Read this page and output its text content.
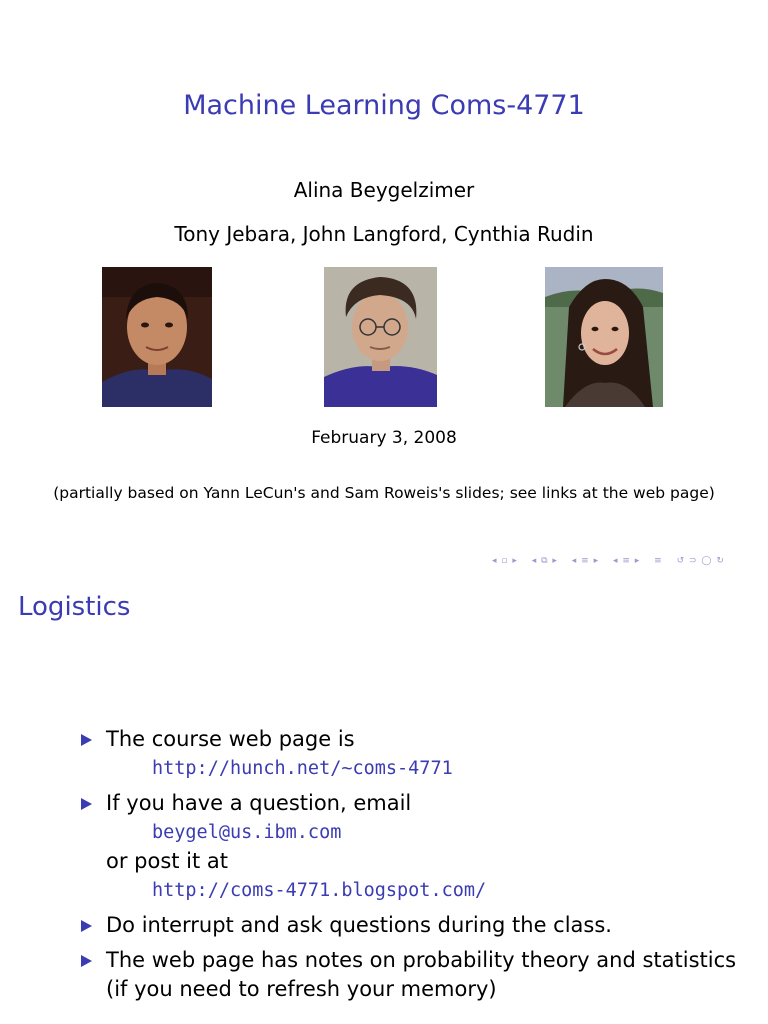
Machine Learning Coms-4771
Alina Beygelzimer
Tony Jebara, John Langford, Cynthia Rudin
February 3, 2008
(partially based on Yann LeCun's and Sam Roweis's slides; see links at the web page)
◂ ▫ ▸ ◂ ⧉ ▸ ◂ ≡ ▸ ◂ ≡ ▸ ≡ ↺ ⊃ ◯ ↻
Logistics
The course web page is
http://hunch.net/~coms-4771
If you have a question, email
beygel@us.ibm.com
or post it at
http://coms-4771.blogspot.com/
Do interrupt and ask questions during the class.
The web page has notes on probability theory and statistics (if you need to refresh your memory)
